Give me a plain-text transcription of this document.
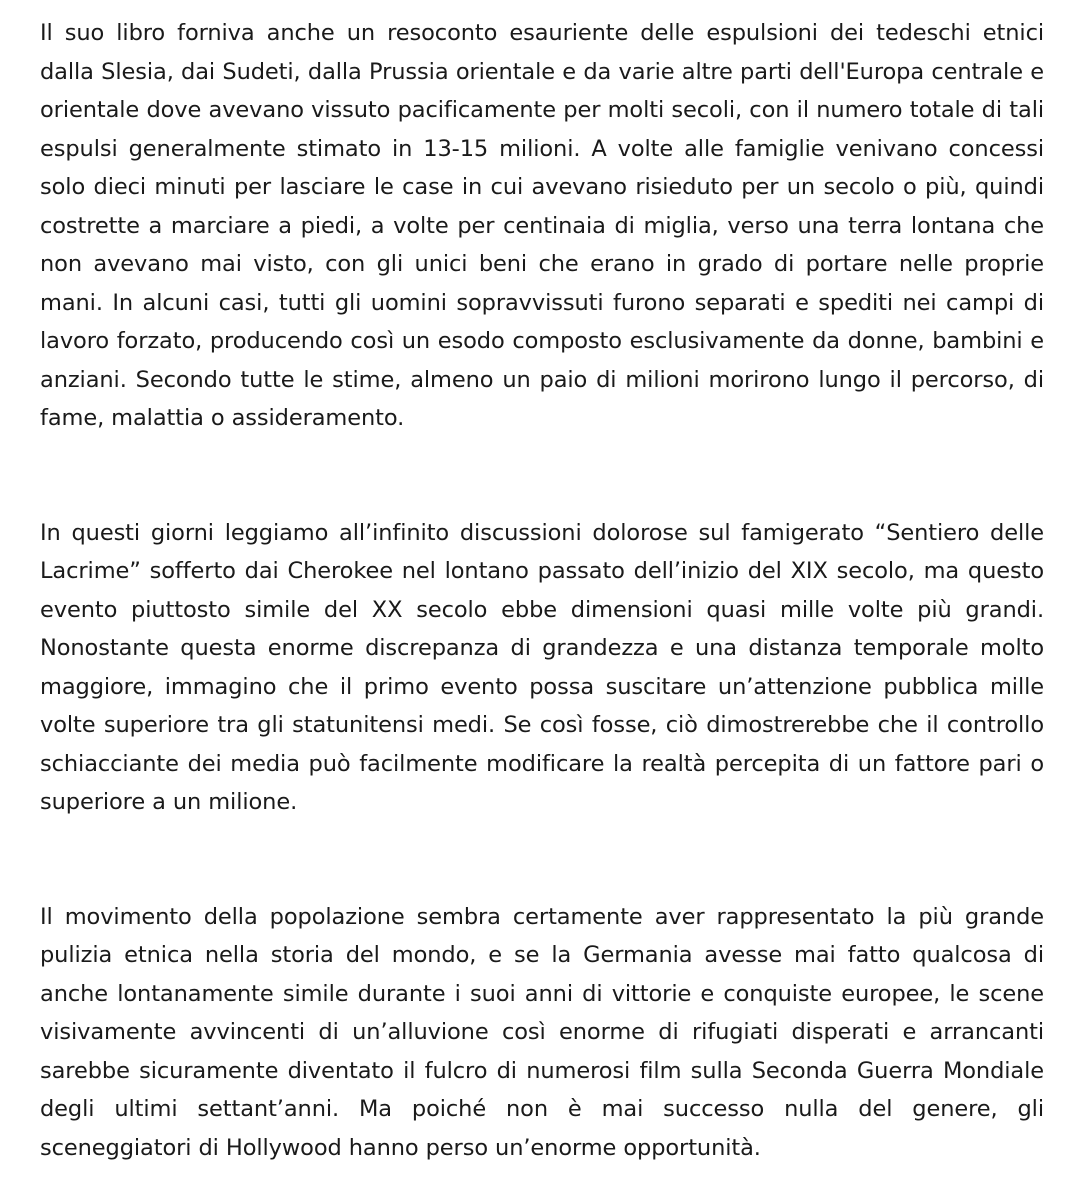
Il suo libro forniva anche un resoconto esauriente delle espulsioni dei tedeschi etnici dalla Slesia, dai Sudeti, dalla Prussia orientale e da varie altre parti dell'Europa centrale e orientale dove avevano vissuto pacificamente per molti secoli, con il numero totale di tali espulsi generalmente stimato in 13-15 milioni. A volte alle famiglie venivano concessi solo dieci minuti per lasciare le case in cui avevano risieduto per un secolo o più, quindi costrette a marciare a piedi, a volte per centinaia di miglia, verso una terra lontana che non avevano mai visto, con gli unici beni che erano in grado di portare nelle proprie mani. In alcuni casi, tutti gli uomini sopravvissuti furono separati e spediti nei campi di lavoro forzato, producendo così un esodo composto esclusivamente da donne, bambini e anziani. Secondo tutte le stime, almeno un paio di milioni morirono lungo il percorso, di fame, malattia o assideramento.

In questi giorni leggiamo all’infinito discussioni dolorose sul famigerato “Sentiero delle Lacrime” sofferto dai Cherokee nel lontano passato dell’inizio del XIX secolo, ma questo evento piuttosto simile del XX secolo ebbe dimensioni quasi mille volte più grandi. Nonostante questa enorme discrepanza di grandezza e una distanza temporale molto maggiore, immagino che il primo evento possa suscitare un’attenzione pubblica mille volte superiore tra gli statunitensi medi. Se così fosse, ciò dimostrerebbe che il controllo schiacciante dei media può facilmente modificare la realtà percepita di un fattore pari o superiore a un milione.

Il movimento della popolazione sembra certamente aver rappresentato la più grande pulizia etnica nella storia del mondo, e se la Germania avesse mai fatto qualcosa di anche lontanamente simile durante i suoi anni di vittorie e conquiste europee, le scene visivamente avvincenti di un’alluvione così enorme di rifugiati disperati e arrancanti sarebbe sicuramente diventato il fulcro di numerosi film sulla Seconda Guerra Mondiale degli ultimi settant’anni. Ma poiché non è mai successo nulla del genere, gli sceneggiatori di Hollywood hanno perso un’enorme opportunità.
